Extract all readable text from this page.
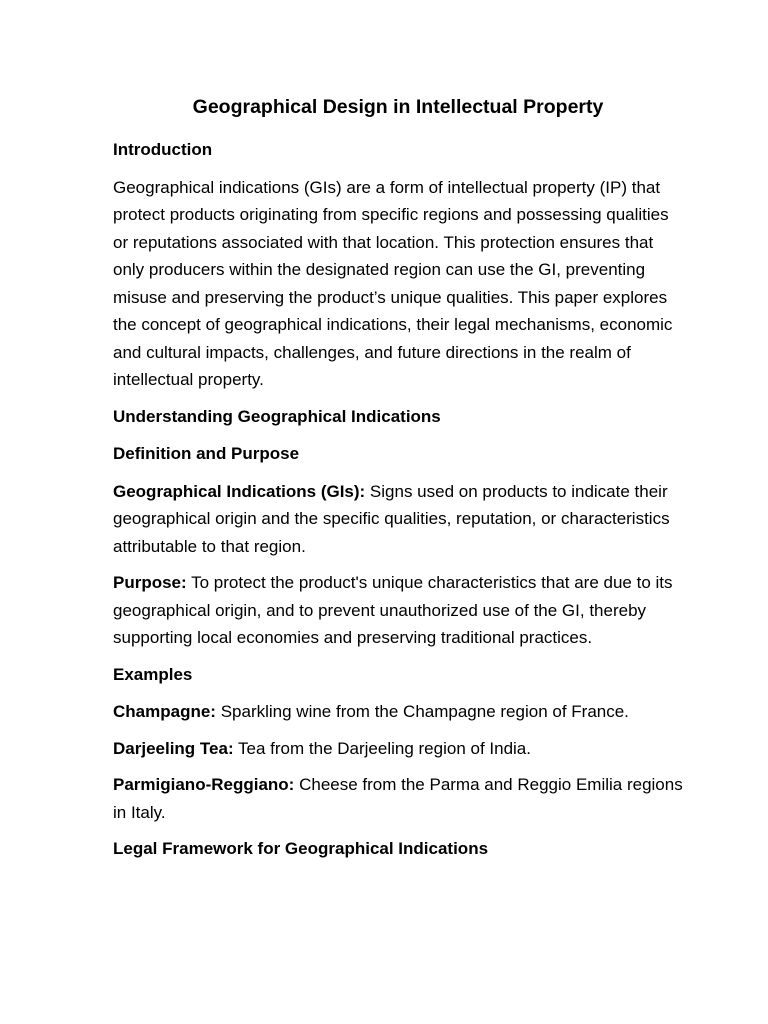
Geographical Design in Intellectual Property
Introduction

Geographical indications (GIs) are a form of intellectual property (IP) that protect products originating from specific regions and possessing qualities or reputations associated with that location. This protection ensures that only producers within the designated region can use the GI, preventing misuse and preserving the product’s unique qualities. This paper explores the concept of geographical indications, their legal mechanisms, economic and cultural impacts, challenges, and future directions in the realm of intellectual property.

Understanding Geographical Indications
Definition and Purpose

Geographical Indications (GIs): Signs used on products to indicate their geographical origin and the specific qualities, reputation, or characteristics attributable to that region.

Purpose: To protect the product's unique characteristics that are due to its geographical origin, and to prevent unauthorized use of the GI, thereby supporting local economies and preserving traditional practices.

Examples

Champagne: Sparkling wine from the Champagne region of France.

Darjeeling Tea: Tea from the Darjeeling region of India.

Parmigiano-Reggiano: Cheese from the Parma and Reggio Emilia regions in Italy.

Legal Framework for Geographical Indications
